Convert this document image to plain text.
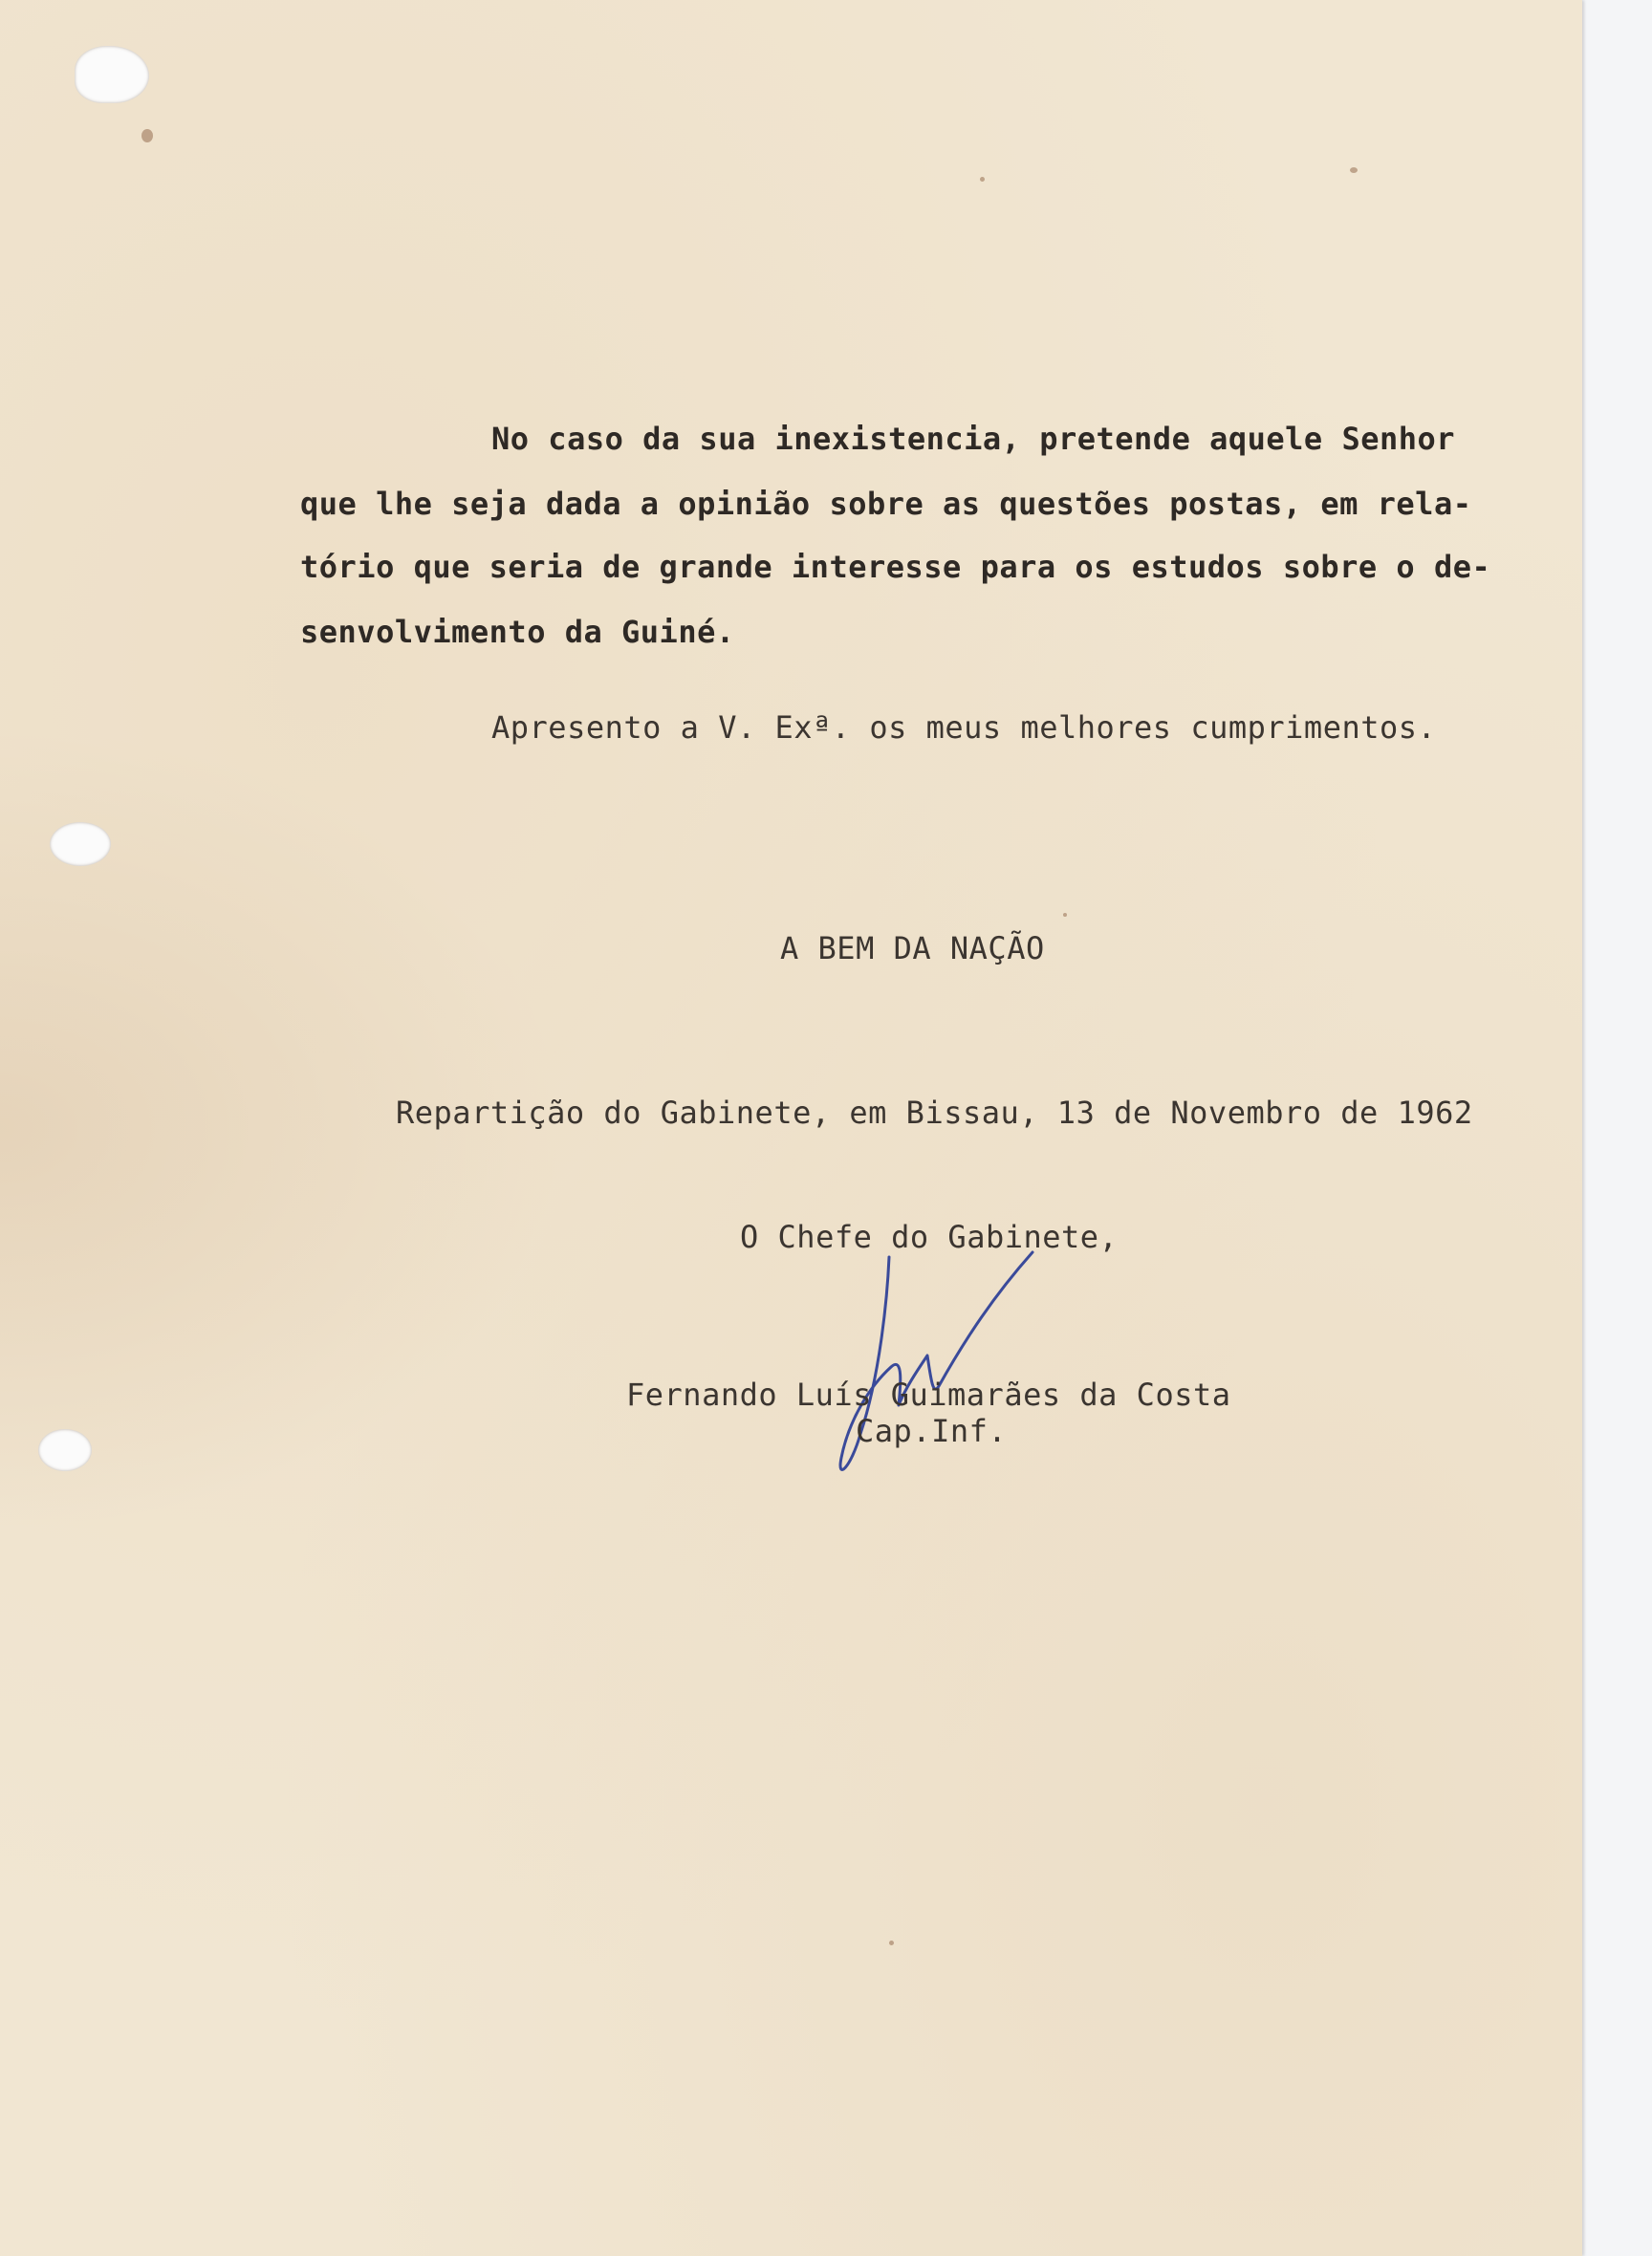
No caso da sua inexistencia, pretende aquele Senhor

que lhe seja dada a opinião sobre as questões postas, em rela-

tório que seria de grande interesse para os estudos sobre o de-

senvolvimento da Guiné.

Apresento a V. Exª. os meus melhores cumprimentos.

A BEM DA NAÇÃO

Repartição do Gabinete, em Bissau, 13 de Novembro de 1962

O Chefe do Gabinete,

Fernando Luís Guimarães da Costa

Cap.Inf.
